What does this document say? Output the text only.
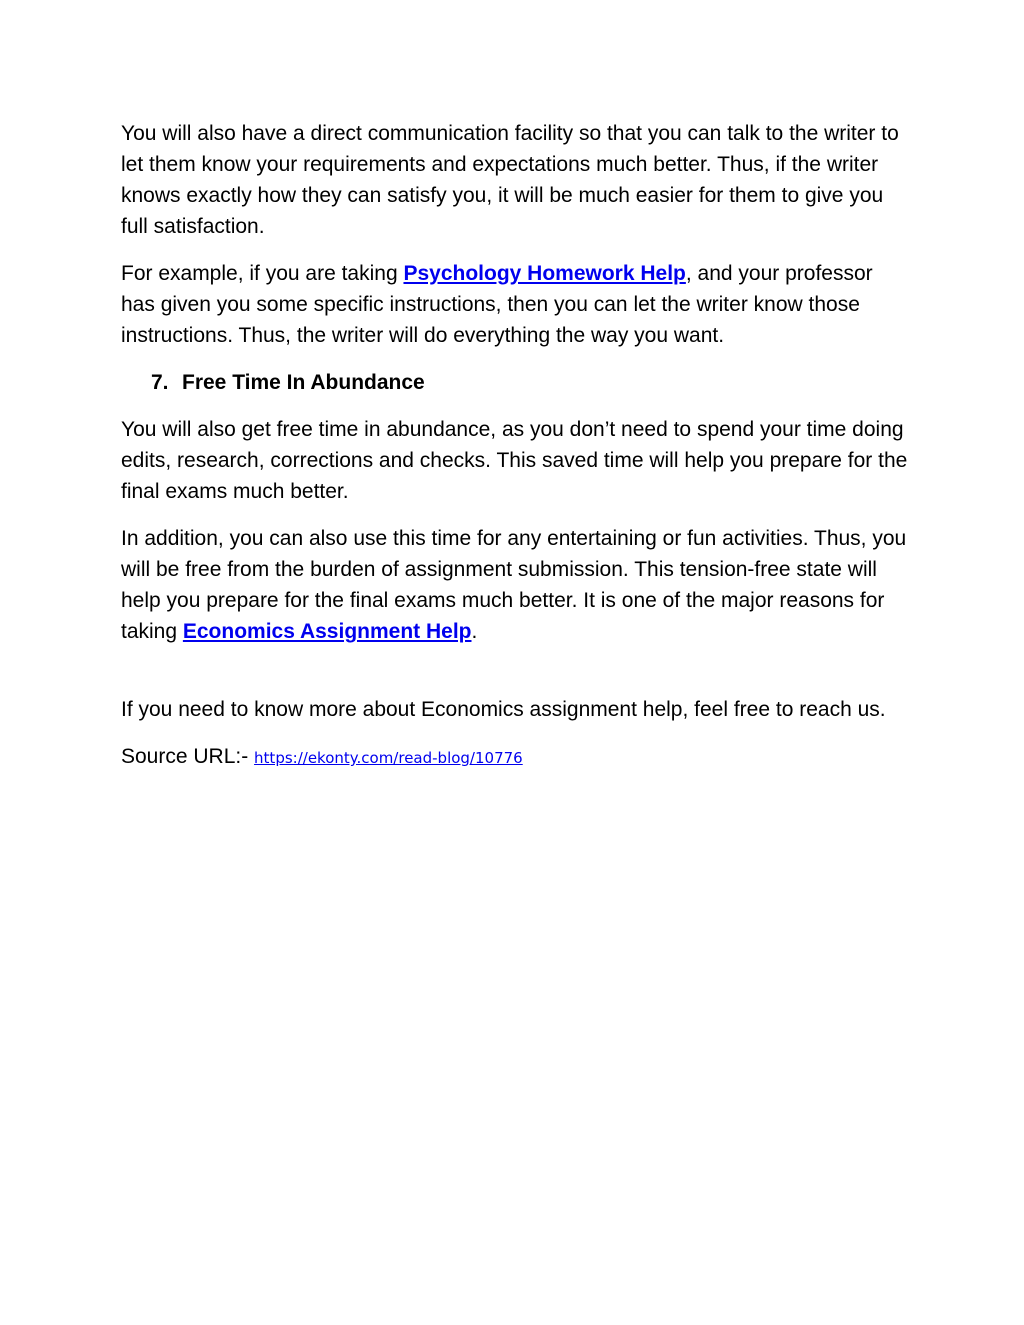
You will also have a direct communication facility so that you can talk to the writer to let them know your requirements and expectations much better. Thus, if the writer knows exactly how they can satisfy you, it will be much easier for them to give you full satisfaction.

For example, if you are taking Psychology Homework Help, and your professor has given you some specific instructions, then you can let the writer know those instructions. Thus, the writer will do everything the way you want.

7. Free Time In Abundance

You will also get free time in abundance, as you don’t need to spend your time doing edits, research, corrections and checks. This saved time will help you prepare for the final exams much better.

In addition, you can also use this time for any entertaining or fun activities. Thus, you will be free from the burden of assignment submission. This tension-free state will help you prepare for the final exams much better. It is one of the major reasons for taking Economics Assignment Help.

If you need to know more about Economics assignment help, feel free to reach us.

Source URL:- https://ekonty.com/read-blog/10776
